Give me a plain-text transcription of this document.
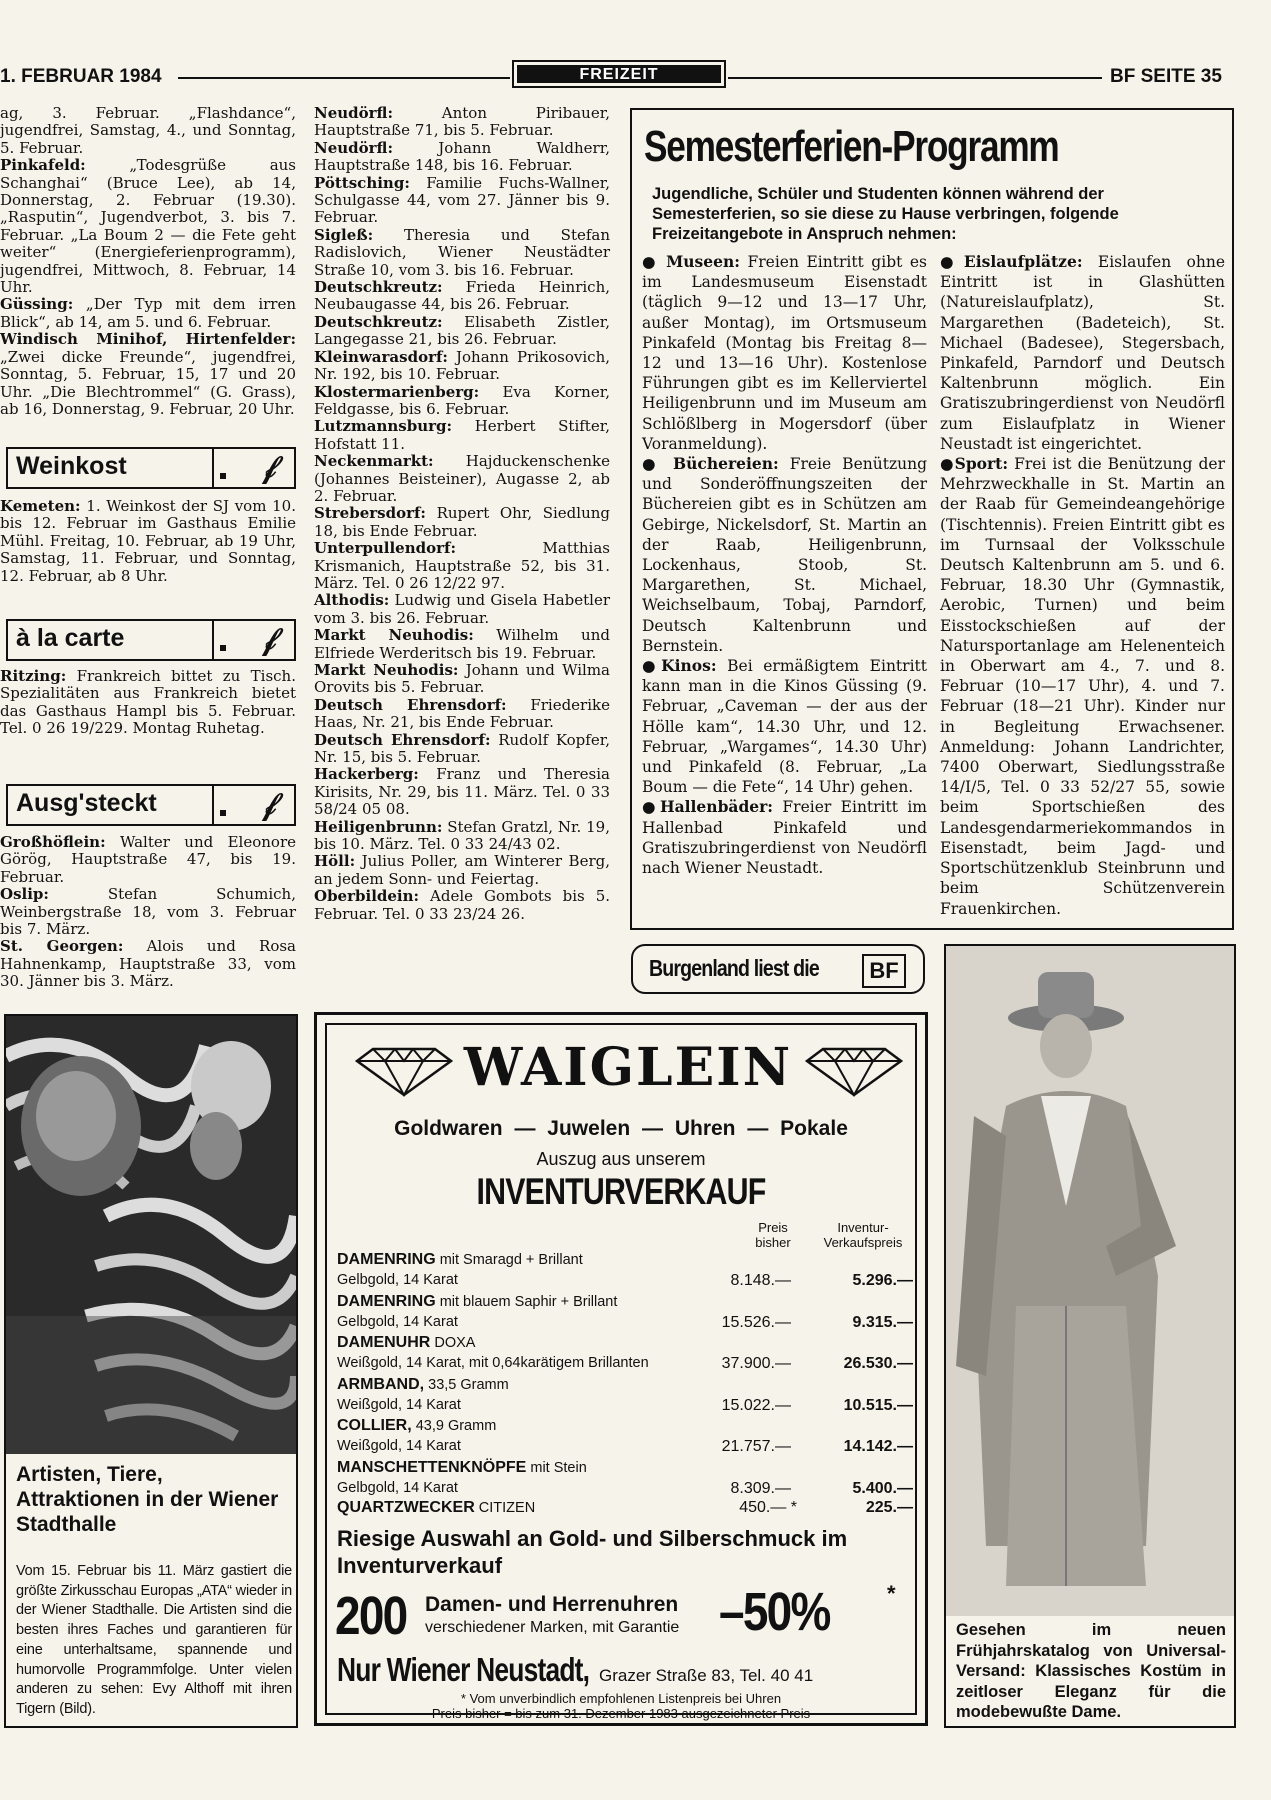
1. FEBRUAR 1984	FREIZEIT	BF SEITE 35

ag, 3. Februar. „Flashdance“, jugendfrei, Samstag, 4., und Sonntag, 5. Februar.

Pinkafeld: „Todesgrüße aus Schanghai“ (Bruce Lee), ab 14, Donnerstag, 2. Februar (19.30). „Rasputin“, Jugendverbot, 3. bis 7. Februar. „La Boum 2 — die Fete geht weiter“ (Energieferienprogramm), jugendfrei, Mittwoch, 8. Februar, 14 Uhr.

Güssing: „Der Typ mit dem irren Blick“, ab 14, am 5. und 6. Februar.

Windisch Minihof, Hirtenfelder: „Zwei dicke Freunde“, jugendfrei, Sonntag, 5. Februar, 15, 17 und 20 Uhr. „Die Blechtrommel“ (G. Grass), ab 16, Donnerstag, 9. Februar, 20 Uhr.

Weinkost	𝒻

Kemeten: 1. Weinkost der SJ vom 10. bis 12. Februar im Gasthaus Emilie Mühl. Freitag, 10. Februar, ab 19 Uhr, Samstag, 11. Februar, und Sonntag, 12. Februar, ab 8 Uhr.

à la carte	𝒻

Ritzing: Frankreich bittet zu Tisch. Spezialitäten aus Frankreich bietet das Gasthaus Hampl bis 5. Februar. Tel. 0 26 19/229. Montag Ruhetag.

Ausg'steckt	𝒻

Großhöflein: Walter und Eleonore Görög, Hauptstraße 47, bis 19. Februar.

Oslip: Stefan Schumich, Weinbergstraße 18, vom 3. Februar bis 7. März.

St. Georgen: Alois und Rosa Hahnenkamp, Hauptstraße 33, vom 30. Jänner bis 3. März.

Neudörfl: Anton Piribauer, Hauptstraße 71, bis 5. Februar.

Neudörfl: Johann Waldherr, Hauptstraße 148, bis 16. Februar.

Pöttsching: Familie Fuchs-Wallner, Schulgasse 44, vom 27. Jänner bis 9. Februar.

Sigleß: Theresia und Stefan Radislovich, Wiener Neustädter Straße 10, vom 3. bis 16. Februar.

Deutschkreutz: Frieda Heinrich, Neubaugasse 44, bis 26. Februar.

Deutschkreutz: Elisabeth Zistler, Langegasse 21, bis 26. Februar.

Kleinwarasdorf: Johann Prikosovich, Nr. 192, bis 10. Februar.

Klostermarienberg: Eva Korner, Feldgasse, bis 6. Februar.

Lutzmannsburg: Herbert Stifter, Hofstatt 11.

Neckenmarkt: Hajduckenschenke (Johannes Beisteiner), Augasse 2, ab 2. Februar.

Strebersdorf: Rupert Ohr, Siedlung 18, bis Ende Februar.

Unterpullendorf: Matthias Krismanich, Hauptstraße 52, bis 31. März. Tel. 0 26 12/22 97.

Althodis: Ludwig und Gisela Habetler vom 3. bis 26. Februar.

Markt Neuhodis: Wilhelm und Elfriede Werderitsch bis 19. Februar.

Markt Neuhodis: Johann und Wilma Orovits bis 5. Februar.

Deutsch Ehrensdorf: Friederike Haas, Nr. 21, bis Ende Februar.

Deutsch Ehrensdorf: Rudolf Kopfer, Nr. 15, bis 5. Februar.

Hackerberg: Franz und Theresia Kirisits, Nr. 29, bis 11. März. Tel. 0 33 58/24 05 08.

Heiligenbrunn: Stefan Gratzl, Nr. 19, bis 10. März. Tel. 0 33 24/43 02.

Höll: Julius Poller, am Winterer Berg, an jedem Sonn- und Feiertag.

Oberbildein: Adele Gombots bis 5. Februar. Tel. 0 33 23/24 26.

Semesterferien-Programm
Jugendliche, Schüler und Studenten können während der Semesterferien, so sie diese zu Hause verbringen, folgende Freizeitangebote in Anspruch nehmen:

● Museen: Freien Eintritt gibt es im Landesmuseum Eisenstadt (täglich 9—12 und 13—17 Uhr, außer Montag), im Ortsmuseum Pinkafeld (Montag bis Freitag 8—12 und 13—16 Uhr). Kostenlose Führungen gibt es im Kellerviertel Heiligenbrunn und im Museum am Schlößlberg in Mogersdorf (über Voranmeldung).

● Büchereien: Freie Benützung und Sonderöffnungszeiten der Büchereien gibt es in Schützen am Gebirge, Nickelsdorf, St. Martin an der Raab, Heiligenbrunn, Lockenhaus, Stoob, St. Margarethen, St. Michael, Weichselbaum, Tobaj, Parndorf, Deutsch Kaltenbrunn und Bernstein.

●Kinos: Bei ermäßigtem Eintritt kann man in die Kinos Güssing (9. Februar, „Caveman — der aus der Hölle kam“, 14.30 Uhr, und 12. Februar, „Wargames“, 14.30 Uhr) und Pinkafeld (8. Februar, „La Boum — die Fete“, 14 Uhr) gehen.

●Hallenbäder: Freier Eintritt im Hallenbad Pinkafeld und Gratiszubringerdienst von Neudörfl nach Wiener Neustadt.

●Eislaufplätze: Eislaufen ohne Eintritt ist in Glashütten (Natureislaufplatz), St. Margarethen (Badeteich), St. Michael (Badesee), Stegersbach, Pinkafeld, Parndorf und Deutsch Kaltenbrunn möglich. Ein Gratiszubringerdienst von Neudörfl zum Eislaufplatz in Wiener Neustadt ist eingerichtet.

●Sport: Frei ist die Benützung der Mehrzweckhalle in St. Martin an der Raab für Gemeindeangehörige (Tischtennis). Freien Eintritt gibt es im Turnsaal der Volksschule Deutsch Kaltenbrunn am 5. und 6. Februar, 18.30 Uhr (Gymnastik, Aerobic, Turnen) und beim Eisstockschießen auf der Natursportanlage am Helenenteich in Oberwart am 4., 7. und 8. Februar (10—17 Uhr), 4. und 7. Februar (18—21 Uhr). Kinder nur in Begleitung Erwachsener. Anmeldung: Johann Landrichter, 7400 Oberwart, Siedlungsstraße 14/I/5, Tel. 0 33 52/27 55, sowie beim Sportschießen des Landesgendarmeriekommandos in Eisenstadt, beim Jagd- und Sportschützenklub Steinbrunn und beim Schützenverein Frauenkirchen.

Burgenland liest die	BF
Artisten, Tiere, Attraktionen in der Wiener Stadthalle
Vom 15. Februar bis 11. März gastiert die größte Zirkusschau Europas „ATA“ wieder in der Wiener Stadthalle. Die Artisten sind die besten ihres Faches und garantieren für eine unterhaltsame, spannende und humorvolle Programmfolge. Unter vielen anderen zu sehen: Evy Althoff mit ihren Tigern (Bild).
WAIGLEIN
Goldwaren — Juwelen — Uhren — Pokale
Auszug aus unserem
INVENTURVERKAUF
Preis
bisher
Inventur-
Verkaufspreis
DAMENRING mit Smaragd + Brillant
Gelbgold, 14 Karat	8.148.—	5.296.—
DAMENRING mit blauem Saphir + Brillant
Gelbgold, 14 Karat	15.526.—	9.315.—
DAMENUHR DOXA
Weißgold, 14 Karat, mit 0,64karätigem Brillanten	37.900.—	26.530.—
ARMBAND, 33,5 Gramm
Weißgold, 14 Karat	15.022.—	10.515.—
COLLIER, 43,9 Gramm
Weißgold, 14 Karat	21.757.—	14.142.—
MANSCHETTENKNÖPFE mit Stein
Gelbgold, 14 Karat	8.309.—	5.400.—
QUARTZWECKER CITIZEN	450.— *	225.—
Riesige Auswahl an Gold- und Silberschmuck im Inventurverkauf
200 Damen- und Herrenuhren
verschiedener Marken, mit Garantie –50%	*
Nur Wiener Neustadt, Grazer Straße 83, Tel. 40 41
* Vom unverbindlich empfohlenen Listenpreis bei Uhren
Preis bisher = bis zum 31. Dezember 1983 ausgezeichneter Preis
Gesehen im neuen Frühjahrskatalog von Universal-Versand: Klassisches Kostüm in zeitloser Eleganz für die modebewußte Dame.
